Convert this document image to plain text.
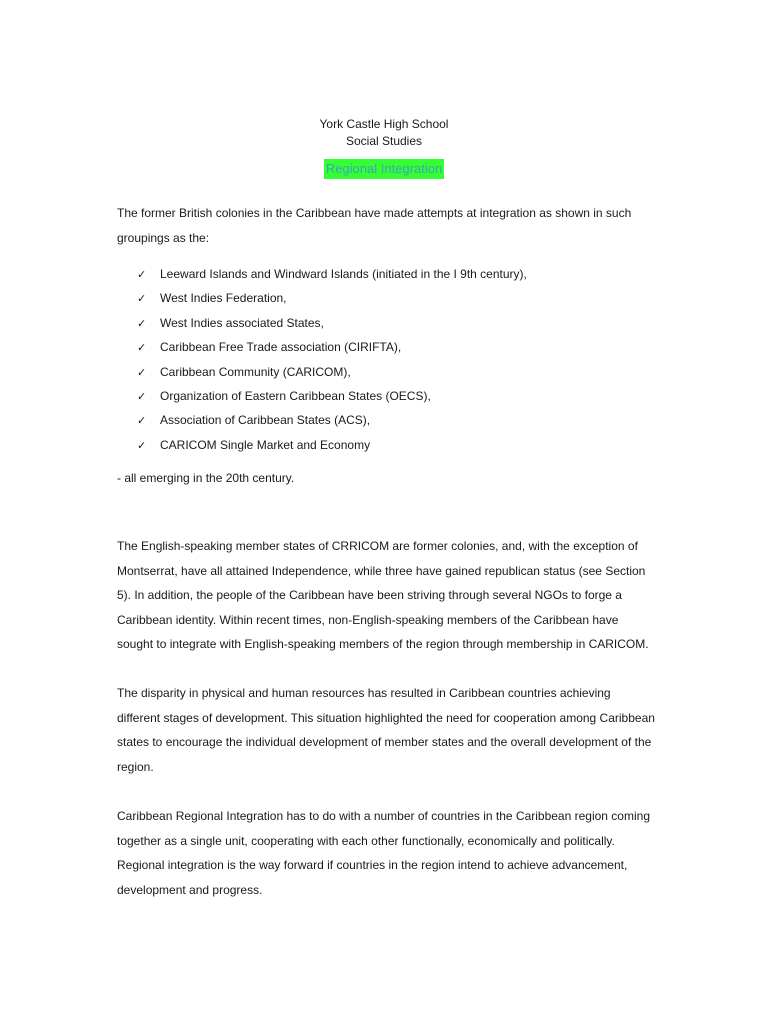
York Castle High School
Social Studies
Regional Integration

The former British colonies in the Caribbean have made attempts at integration as shown in such groupings as the:

✓ Leeward Islands and Windward Islands (initiated in the I 9th century),
✓ West Indies Federation,
✓ West Indies associated States,
✓ Caribbean Free Trade association (CIRIFTA),
✓ Caribbean Community (CARICOM),
✓ Organization of Eastern Caribbean States (OECS),
✓ Association of Caribbean States (ACS),
✓ CARICOM Single Market and Economy

- all emerging in the 20th century.

The English-speaking member states of CRRICOM are former colonies, and, with the exception of Montserrat, have all attained Independence, while three have gained republican status (see Section 5). In addition, the people of the Caribbean have been striving through several NGOs to forge a Caribbean identity. Within recent times, non-English-speaking members of the Caribbean have sought to integrate with English-speaking members of the region through membership in CARICOM.

The disparity in physical and human resources has resulted in Caribbean countries achieving different stages of development. This situation highlighted the need for cooperation among Caribbean states to encourage the individual development of member states and the overall development of the region.

Caribbean Regional Integration has to do with a number of countries in the Caribbean region coming together as a single unit, cooperating with each other functionally, economically and politically. Regional integration is the way forward if countries in the region intend to achieve advancement, development and progress.
